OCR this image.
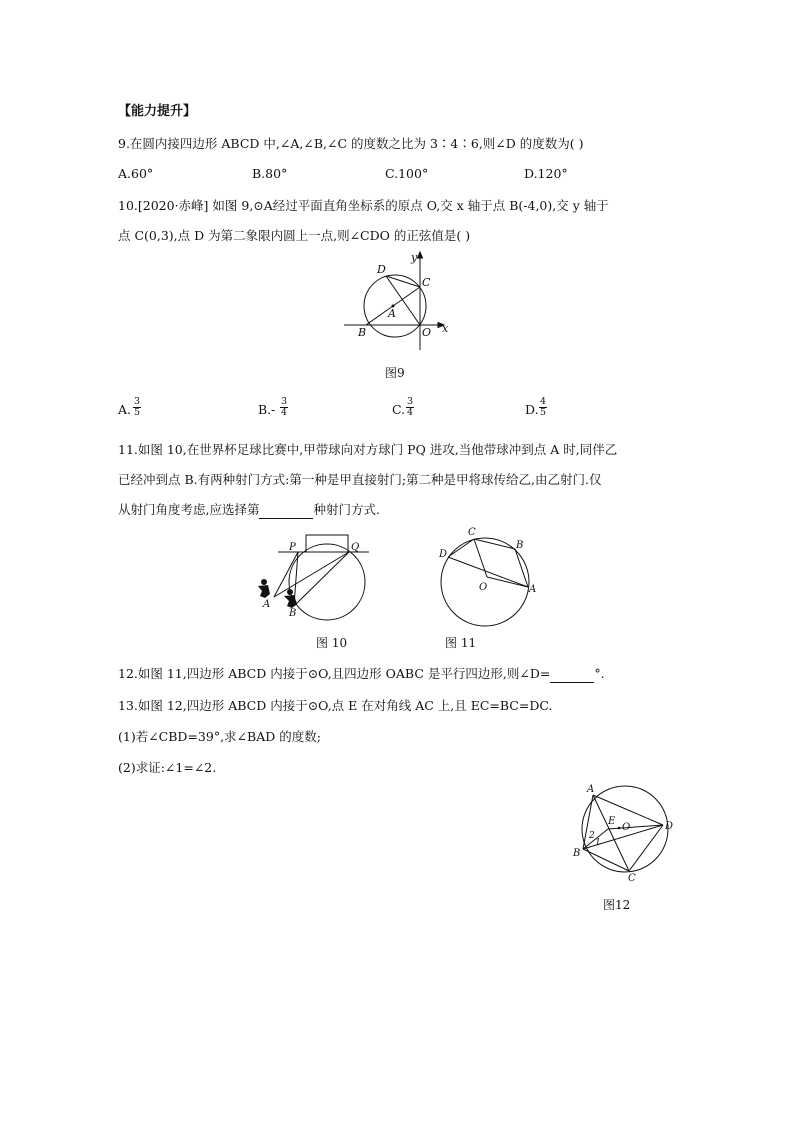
【能力提升】
9.在圆内接四边形 ABCD 中,∠A,∠B,∠C 的度数之比为 3∶4∶6,则∠D 的度数为( )
A.60°	B.80°	C.100°	D.120°
10.[2020·赤峰] 如图 9,⊙A经过平面直角坐标系的原点 O,交 x 轴于点 B(-4,0),交 y 轴于
点 C(0,3),点 D 为第二象限内圆上一点,则∠CDO 的正弦值是( )
D
C
A
B	O x
y
图9
A. $\frac{3}{5}$	B. - $\frac{3}{4}$	C. $\frac{3}{4}$	D. $\frac{4}{5}$
11.如图 10,在世界杯足球比赛中,甲带球向对方球门 PQ 进攻,当他带球冲到点 A 时,同伴乙
已经冲到点 B.有两种射门方式:第一种是甲直接射门;第二种是甲将球传给乙,由乙射门.仅
从射门角度考虑,应选择第	种射门方式.
P	Q
A
B
图 10
C
B
D
O	A
图 11
12.如图 11,四边形 ABCD 内接于⊙O,且四边形 OABC 是平行四边形,则∠D=	°.
13.如图 12,四边形 ABCD 内接于⊙O,点 E 在对角线 AC 上,且 EC=BC=DC.
(1)若∠CBD=39°,求∠BAD 的度数;
(2)求证:∠1=∠2.
A
D
B
C
E
O
2
1
图12
